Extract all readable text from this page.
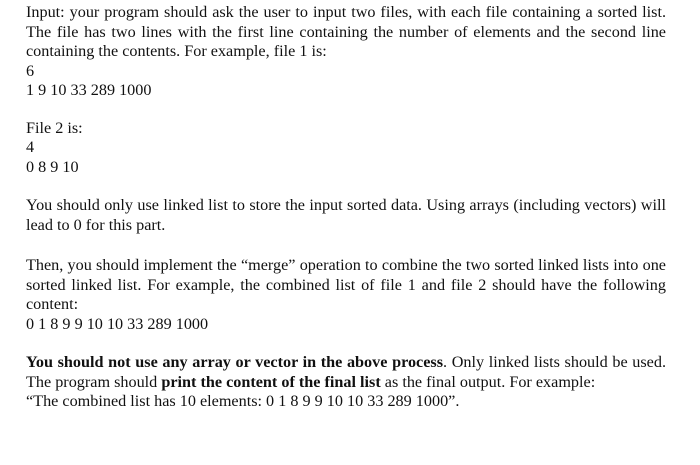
Input: your program should ask the user to input two files, with each file containing a sorted list. The file has two lines with the first line containing the number of elements and the second line containing the contents. For example, file 1 is:

6
1 9 10 33 289 1000
File 2 is:
4
0 8 9 10

You should only use linked list to store the input sorted data. Using arrays (including vectors) will lead to 0 for this part.

Then, you should implement the “merge” operation to combine the two sorted linked lists into one sorted linked list. For example, the combined list of file 1 and file 2 should have the following content:

0 1 8 9 9 10 10 33 289 1000

You should not use any array or vector in the above process. Only linked lists should be used. The program should print the content of the final list as the final output. For example:

“The combined list has 10 elements: 0 1 8 9 9 10 10 33 289 1000”.
